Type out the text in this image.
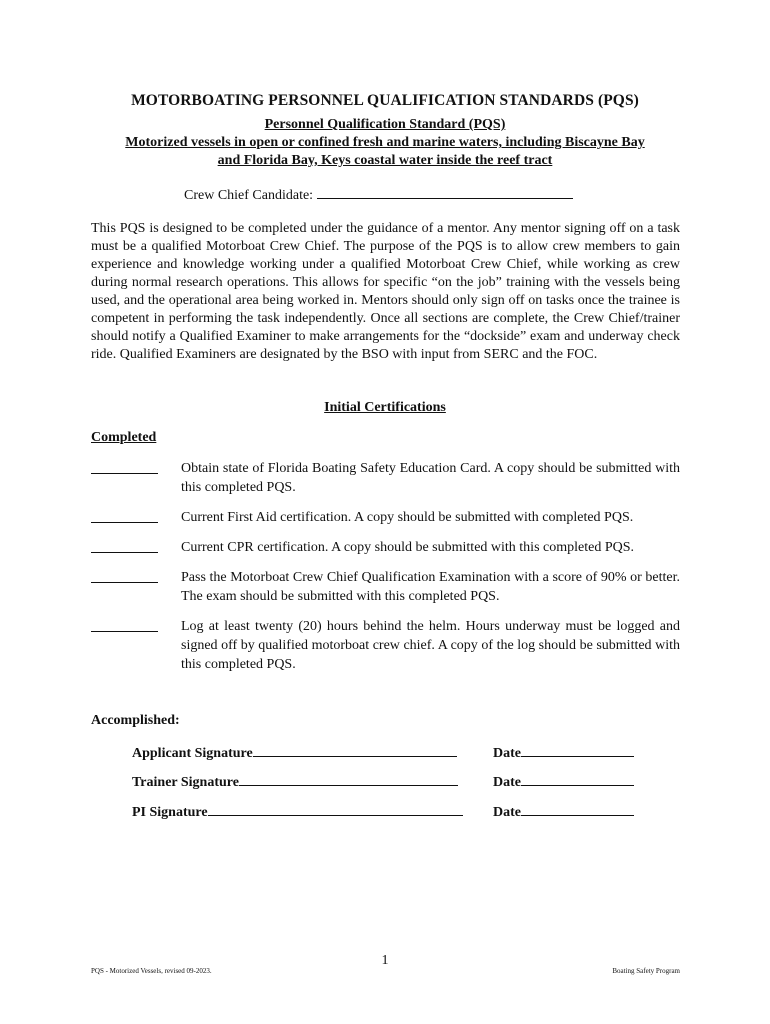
MOTORBOATING PERSONNEL QUALIFICATION STANDARDS (PQS)
Personnel Qualification Standard (PQS)
Motorized vessels in open or confined fresh and marine waters, including Biscayne Bay
and Florida Bay, Keys coastal water inside the reef tract
Crew Chief Candidate:

This PQS is designed to be completed under the guidance of a mentor. Any mentor signing off on a task must be a qualified Motorboat Crew Chief. The purpose of the PQS is to allow crew members to gain experience and knowledge working under a qualified Motorboat Crew Chief, while working as crew during normal research operations. This allows for specific “on the job” training with the vessels being used, and the operational area being worked in. Mentors should only sign off on tasks once the trainee is competent in performing the task independently. Once all sections are complete, the Crew Chief/trainer should notify a Qualified Examiner to make arrangements for the “dockside” exam and underway check ride. Qualified Examiners are designated by the BSO with input from SERC and the FOC.

Initial Certifications
Completed
Obtain state of Florida Boating Safety Education Card. A copy should be submitted with this completed PQS.
Current First Aid certification. A copy should be submitted with completed PQS.
Current CPR certification. A copy should be submitted with this completed PQS.
Pass the Motorboat Crew Chief Qualification Examination with a score of 90% or better. The exam should be submitted with this completed PQS.
Log at least twenty (20) hours behind the helm. Hours underway must be logged and signed off by qualified motorboat crew chief. A copy of the log should be submitted with this completed PQS.
Accomplished:
Applicant Signature	Date
Trainer Signature	Date
PI Signature	Date
1
PQS - Motorized Vessels, revised 09-2023.	Boating Safety Program
